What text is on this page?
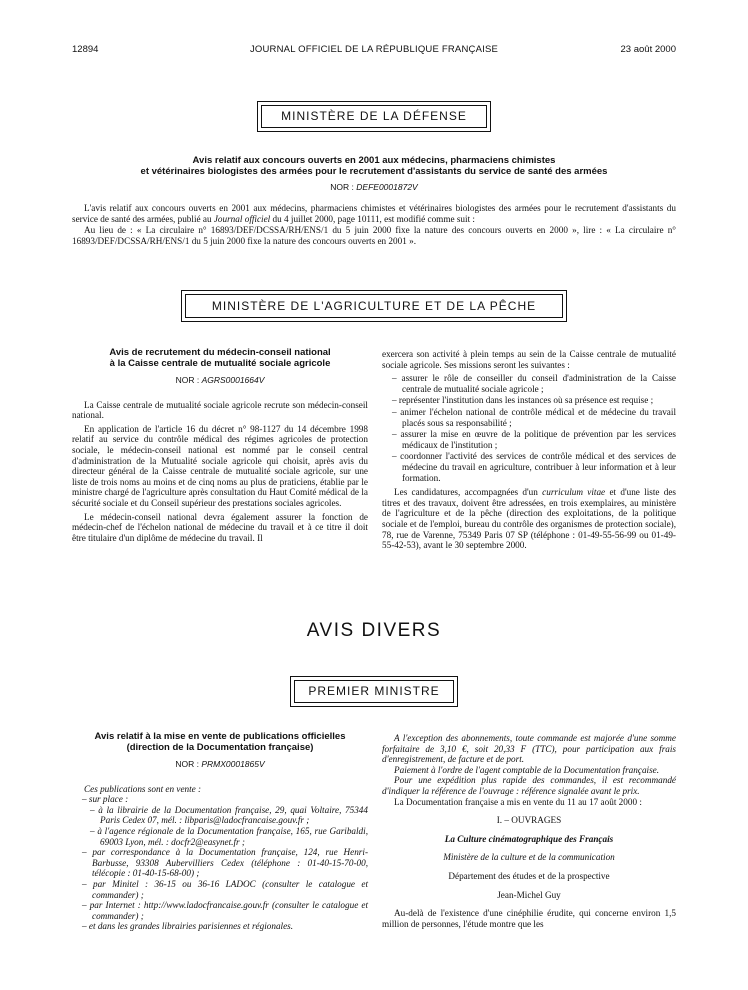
12894	JOURNAL OFFICIEL DE LA RÉPUBLIQUE FRANÇAISE	23 août 2000
MINISTÈRE DE LA DÉFENSE
Avis relatif aux concours ouverts en 2001 aux médecins, pharmaciens chimistes
et vétérinaires biologistes des armées pour le recrutement d'assistants du service de santé des armées
NOR : DEFE0001872V
L'avis relatif aux concours ouverts en 2001 aux médecins, pharmaciens chimistes et vétérinaires biologistes des armées pour le recrutement d'assistants du service de santé des armées, publié au Journal officiel du 4 juillet 2000, page 10111, est modifié comme suit :
Au lieu de : « La circulaire n° 16893/DEF/DCSSA/RH/ENS/1 du 5 juin 2000 fixe la nature des concours ouverts en 2000 », lire : « La circulaire n° 16893/DEF/DCSSA/RH/ENS/1 du 5 juin 2000 fixe la nature des concours ouverts en 2001 ».
MINISTÈRE DE L'AGRICULTURE ET DE LA PÊCHE
Avis de recrutement du médecin-conseil national
à la Caisse centrale de mutualité sociale agricole
NOR : AGRS0001664V

La Caisse centrale de mutualité sociale agricole recrute son médecin-conseil national.

En application de l'article 16 du décret n° 98-1127 du 14 décembre 1998 relatif au service du contrôle médical des régimes agricoles de protection sociale, le médecin-conseil national est nommé par le conseil central d'administration de la Mutualité sociale agricole qui choisit, après avis du directeur général de la Caisse centrale de mutualité sociale agricole, sur une liste de trois noms au moins et de cinq noms au plus de praticiens, établie par le ministre chargé de l'agriculture après consultation du Haut Comité médical de la sécurité sociale et du Conseil supérieur des prestations sociales agricoles.

Le médecin-conseil national devra également assurer la fonction de médecin-chef de l'échelon national de médecine du travail et à ce titre il doit être titulaire d'un diplôme de médecine du travail. Il

exercera son activité à plein temps au sein de la Caisse centrale de mutualité sociale agricole. Ses missions seront les suivantes :

– assurer le rôle de conseiller du conseil d'administration de la Caisse centrale de mutualité sociale agricole ;
– représenter l'institution dans les instances où sa présence est requise ;
– animer l'échelon national de contrôle médical et de médecine du travail placés sous sa responsabilité ;
– assurer la mise en œuvre de la politique de prévention par les services médicaux de l'institution ;
– coordonner l'activité des services de contrôle médical et des services de médecine du travail en agriculture, contribuer à leur information et à leur formation.

Les candidatures, accompagnées d'un curriculum vitae et d'une liste des titres et des travaux, doivent être adressées, en trois exemplaires, au ministère de l'agriculture et de la pêche (direction des exploitations, de la politique sociale et de l'emploi, bureau du contrôle des organismes de protection sociale), 78, rue de Varenne, 75349 Paris 07 SP (téléphone : 01-49-55-56-99 ou 01-49-55-42-53), avant le 30 septembre 2000.

AVIS DIVERS
PREMIER MINISTRE
Avis relatif à la mise en vente de publications officielles
(direction de la Documentation française)
NOR : PRMX0001865V
Ces publications sont en vente :
– sur place :
– à la librairie de la Documentation française, 29, quai Voltaire, 75344 Paris Cedex 07, mél. : libparis@ladocfrancaise.gouv.fr ;
– à l'agence régionale de la Documentation française, 165, rue Garibaldi, 69003 Lyon, mél. : docfr2@easynet.fr ;
– par correspondance à la Documentation française, 124, rue Henri-Barbusse, 93308 Aubervilliers Cedex (téléphone : 01-40-15-70-00, télécopie : 01-40-15-68-00) ;
– par Minitel : 36-15 ou 36-16 LADOC (consulter le catalogue et commander) ;
– par Internet : http://www.ladocfrancaise.gouv.fr (consulter le catalogue et commander) ;
– et dans les grandes librairies parisiennes et régionales.

A l'exception des abonnements, toute commande est majorée d'une somme forfaitaire de 3,10 €, soit 20,33 F (TTC), pour participation aux frais d'enregistrement, de facture et de port.

Paiement à l'ordre de l'agent comptable de la Documentation française.

Pour une expédition plus rapide des commandes, il est recommandé d'indiquer la référence de l'ouvrage : référence signalée avant le prix.

La Documentation française a mis en vente du 11 au 17 août 2000 :

I. – OUVRAGES
La Culture cinématographique des Français
Ministère de la culture et de la communication
Département des études et de la prospective
Jean-Michel Guy

Au-delà de l'existence d'une cinéphilie érudite, qui concerne environ 1,5 million de personnes, l'étude montre que les
